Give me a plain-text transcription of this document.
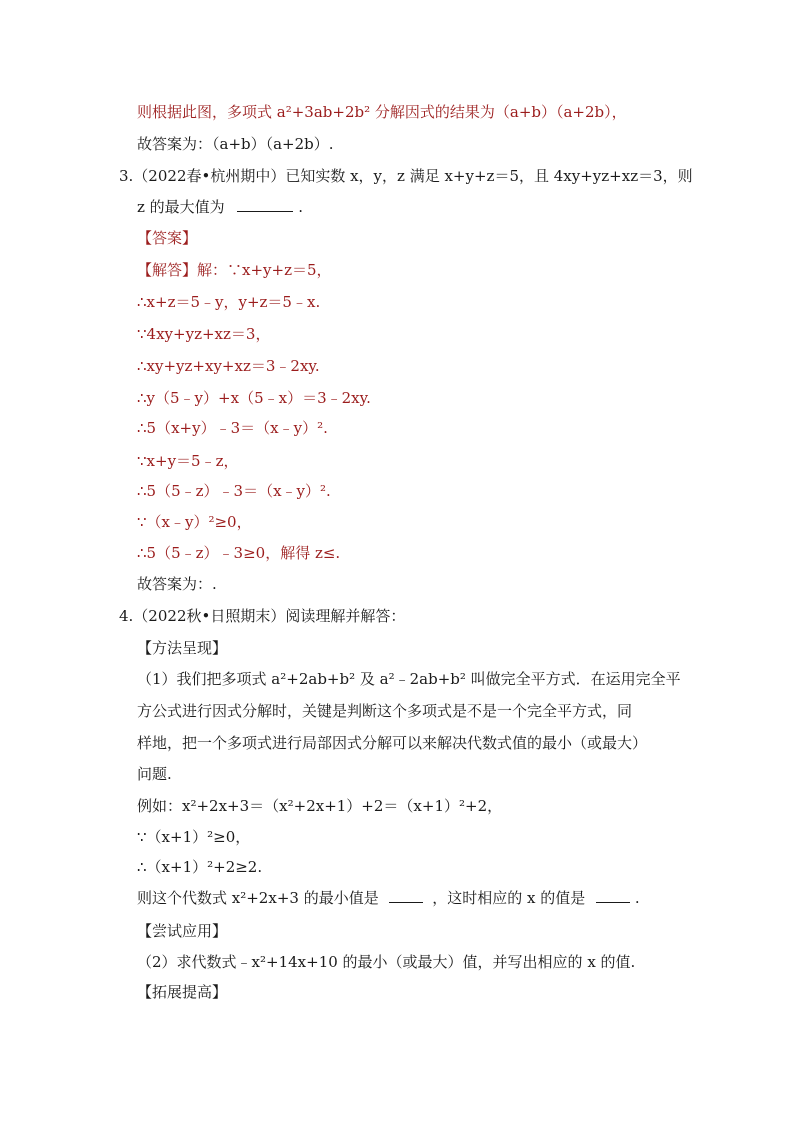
则根据此图，多项式 a²+3ab+2b² 分解因式的结果为（a+b）（a+2b），
故答案为：（a+b）（a+2b）.
3.（2022春•杭州期中）已知实数 x，y，z 满足 x+y+z＝5，且 4xy+yz+xz＝3，则
z 的最大值为	.
【答案】
【解答】解：∵x+y+z＝5，
∴x+z＝5﹣y，y+z＝5﹣x.
∵4xy+yz+xz＝3，
∴xy+yz+xy+xz＝3﹣2xy.
∴y（5﹣y）+x（5﹣x）＝3﹣2xy.
∴5（x+y）﹣3＝（x﹣y）².
∵x+y＝5﹣z，
∴5（5﹣z）﹣3＝（x﹣y）².
∵（x﹣y）²≥0，
∴5（5﹣z）﹣3≥0，解得 z≤.
故答案为：.
4.（2022秋•日照期末）阅读理解并解答：
【方法呈现】
（1）我们把多项式 a²+2ab+b² 及 a²﹣2ab+b² 叫做完全平方式．在运用完全平
方公式进行因式分解时，关键是判断这个多项式是不是一个完全平方式，同
样地，把一个多项式进行局部因式分解可以来解决代数式值的最小（或最大）
问题.
例如：x²+2x+3＝（x²+2x+1）+2＝（x+1）²+2，
∵（x+1）²≥0，
∴（x+1）²+2≥2.
则这个代数式 x²+2x+3 的最小值是	，这时相应的 x 的值是	.
【尝试应用】
（2）求代数式﹣x²+14x+10 的最小（或最大）值，并写出相应的 x 的值.
【拓展提高】
